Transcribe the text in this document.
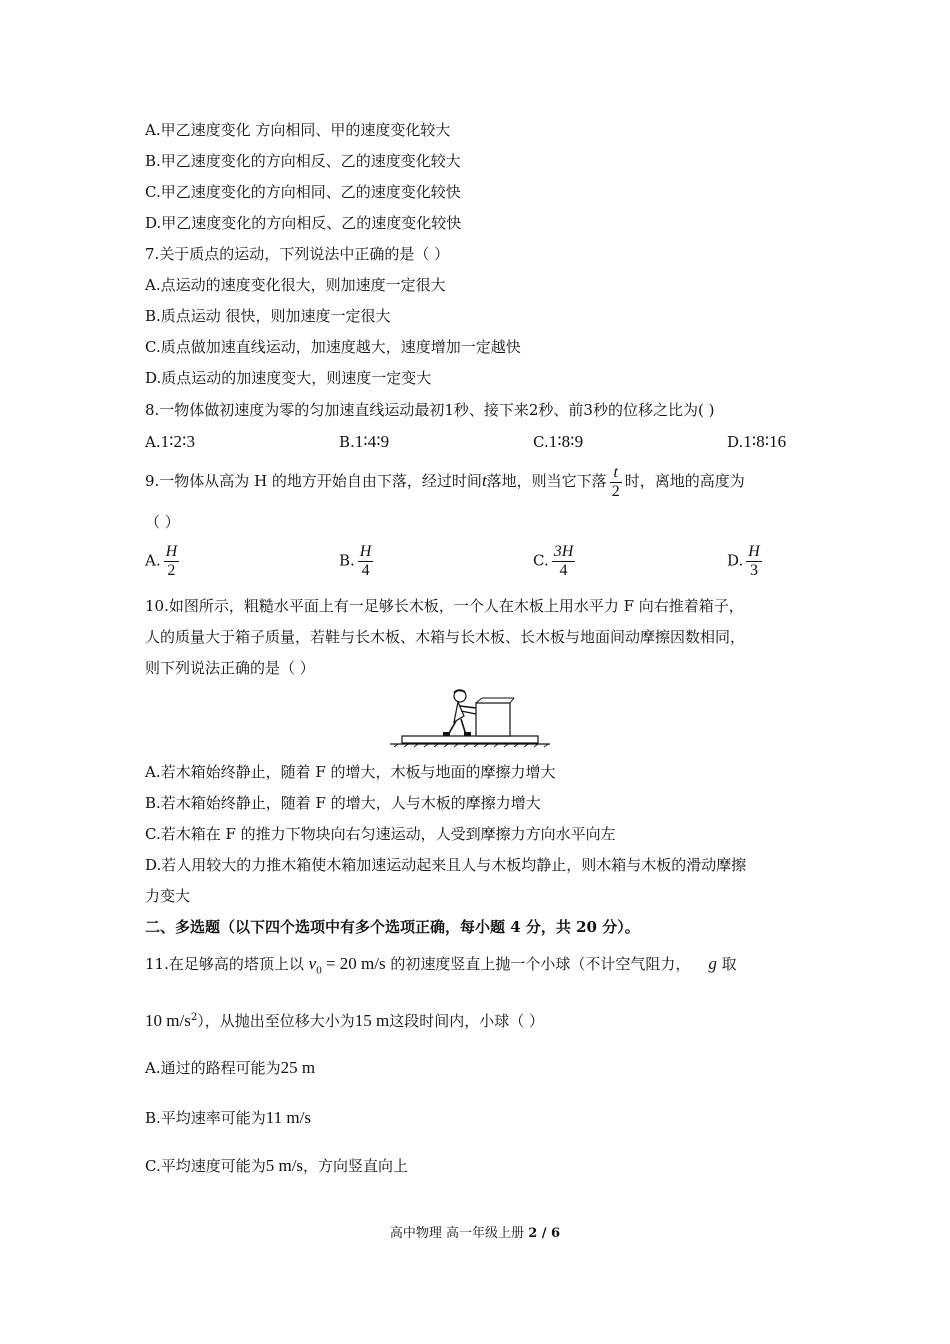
A.甲乙速度变化 方向相同、甲的速度变化较大
B.甲乙速度变化的方向相反、乙的速度变化较大
C.甲乙速度变化的方向相同、乙的速度变化较快
D.甲乙速度变化的方向相反、乙的速度变化较快
7.关于质点的运动，下列说法中正确的是（ ）
A.点运动的速度变化很大，则加速度一定很大
B.质点运动 很快，则加速度一定很大
C.质点做加速直线运动，加速度越大，速度增加一定越快
D.质点运动的加速度变大，则速度一定变大
8.一物体做初速度为零的匀加速直线运动最初1秒、接下来2秒、前3秒的位移之比为( )
A.1∶2∶3	B.1∶4∶9	C.1∶8∶9	D.1∶8∶16
9.一物体从高为 H 的地方开始自由下落，经过时间t落地，则当它下落 $\frac{t}{2}$ 时，离地的高度为
（ ）
A. $\frac{H}{2}$	B. $\frac{H}{4}$	C. $\frac{3H}{4}$	D. $\frac{H}{3}$
10.如图所示，粗糙水平面上有一足够长木板，一个人在木板上用水平力 F 向右推着箱子，
人的质量大于箱子质量，若鞋与长木板、木箱与长木板、长木板与地面间动摩擦因数相同，
则下列说法正确的是（ ）
A.若木箱始终静止，随着 F 的增大，木板与地面的摩擦力增大
B.若木箱始终静止，随着 F 的增大，人与木板的摩擦力增大
C.若木箱在 F 的推力下物块向右匀速运动，人受到摩擦力方向水平向左
D.若人用较大的力推木箱使木箱加速运动起来且人与木板均静止，则木箱与木板的滑动摩擦
力变大
二、多选题（以下四个选项中有多个选项正确，每小题 4 分，共 20 分）。
11.在足够高的塔顶上以 $v_0 = 20$ m/s 的初速度竖直上抛一个小球（不计空气阻力， g 取
10 $m/s^2$），从抛出至位移大小为15 m这段时间内，小球（ ）
A.通过的路程可能为25 m
B.平均速率可能为11 m/s
C.平均速度可能为5 m/s，方向竖直向上
高中物理 高一年级上册 2 / 6
